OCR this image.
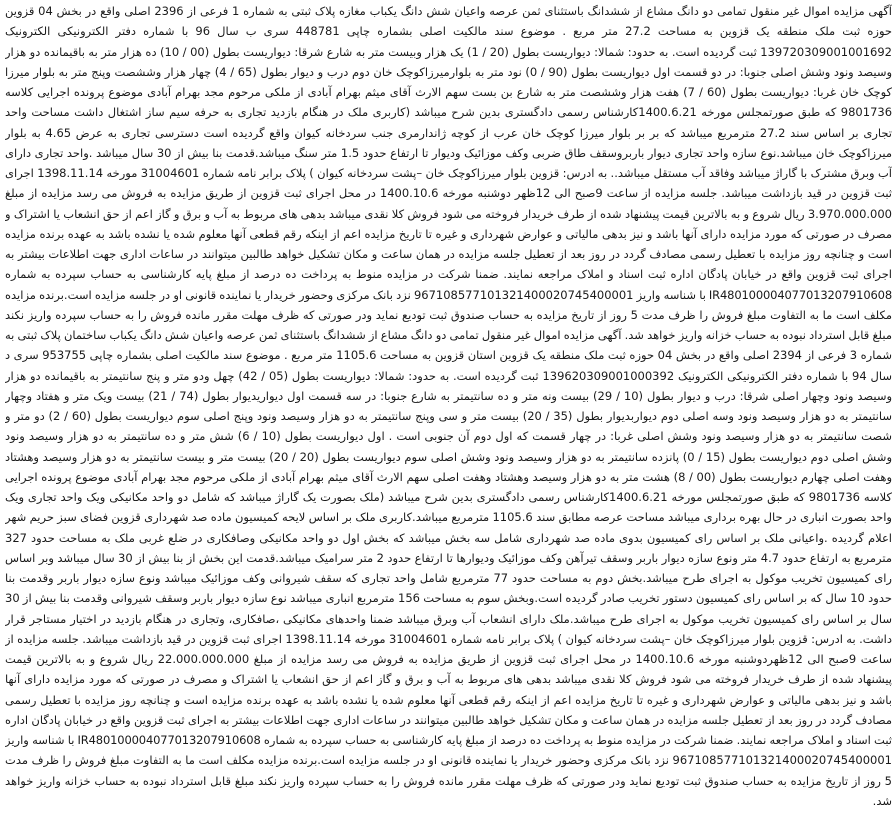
آگهی مزایده اموال غیر منقول تمامی دو دانگ مشاع از ششدانگ باستثنای ثمن عرصه واعیان شش دانگ یکباب مغازه پلاک ثبتی به شماره 1 فرعی از 2396 اصلی واقع در بخش 04 قزوین حوزه ثبت ملک منطقه یک قزوین به مساحت 27.2 متر مربع . موضوع سند مالکیت اصلی بشماره چاپی 448781 سری ب سال 96 با شماره دفتر الکترونیکی الکترونیک 139720309001001692 ثبت گردیده است. به حدود: شمالا: دیواریست بطول (20 / 1) یک هزار وبیست متر به شارع شرقا: دیواریست بطول (00 / 10) ده هزار متر به باقیمانده دو هزار وسیصد ونود وشش اصلی جنوبا: در دو قسمت اول دیواریست بطول (90 / 0) نود متر به بلوارمیرزاکوچک خان دوم درب و دیوار بطول (65 / 4) چهار هزار وششصت وپنج متر به بلوار میرزا کوچک خان غربا: دیواریست بطول (60 / 7) هفت هزار وششصت متر به شارع بن بست سهم الارث آقای میثم بهرام آبادی از ملکی مرحوم مجد بهرام آبادی موضوع پرونده اجرایی کلاسه 9801736 که طبق صورتمجلس مورخه 1400.6.21کارشناس رسمی دادگستری بدین شرح میباشد (کاربری ملک در هنگام بازدید تجاری به حرفه سیم ساز اشتغال داشت مساحت واحد تجاری بر اساس سند 27.2 مترمربع میباشد که بر بر بلوار میرزا کوچک خان عرب از کوچه ژاندارمری جنب سردخانه کیوان واقع گردیده است دسترسی تجاری به عرض 4.65 به بلوار میرزاکوچک خان میباشد.نوع سازه واحد تجاری دیوار باربروسقف طاق ضربی وکف موزائیک ودیوار تا ارتفاع حدود 1.5 متر سنگ میباشد.قدمت بنا بیش از 30 سال میباشد .واحد تجاری دارای آب وبرق مشترک با گاراژ میباشد وفاقد آب مستقل میباشد.. به ادرس: قزوین بلوار میرزاکوچک خان –پشت سردخانه کیوان ) پلاک برابر نامه شماره 31004601 مورخه 1398.11.14 اجرای ثبت قزوین در قید بازداشت میباشد. جلسه مزایده از ساعت 9صبح الی 12ظهر دوشنبه مورخه 1400.10.6 در محل اجرای ثبت قزوین از طریق مزایده به فروش می رسد مزایده از مبلغ 3.970.000.000 ریال شروع و به بالاترین قیمت پیشنهاد شده از طرف خریدار فروخته می شود فروش کلا نقدی میباشد بدهی های مربوط به آب و برق و گاز اعم از حق انشعاب یا اشتراک و مصرف در صورتی که مورد مزایده دارای آنها باشد و نیز بدهی مالیاتی و عوارض شهرداری و غیره تا تاریخ مزایده اعم از اینکه رقم قطعی آنها معلوم شده یا نشده باشد به عهده برنده مزایده است و چنانچه روز مزایده با تعطیل رسمی مصادف گردد در روز بعد از تعطیل جلسه مزایده در همان ساعت و مکان تشکیل خواهد طالبین میتوانند در ساعات اداری جهت اطلاعات بیشتر به اجرای ثبت قزوین واقع در خیابان پادگان اداره ثبت اسناد و املاک مراجعه نمایند. ضمنا شرکت در مزایده منوط به پرداخت ده درصد از مبلغ پایه کارشناسی به حساب سپرده به شماره IR480100004077013207910608 با شناسه واریز 967108577101321400020745400001 نزد بانک مرکزی وحضور خریدار یا نماینده قانونی او در جلسه مزایده است.برنده مزایده مکلف است ما به التفاوت مبلغ فروش را ظرف مدت 5 روز از تاریخ مزایده به حساب صندوق ثبت تودیع نماید ودر صورتی که ظرف مهلت مقرر مانده فروش را به حساب سپرده واریز نکند مبلغ قابل استرداد نبوده به حساب خزانه واریز خواهد شد. آگهی مزایده اموال غیر منقول تمامی دو دانگ مشاع از ششدانگ باستثنای ثمن عرصه واعیان شش دانگ یکباب ساختمان پلاک ثبتی به شماره 3 فرعی از 2394 اصلی واقع در بخش 04 حوزه ثبت ملک منطقه یک قزوین استان قزوین به مساحت 1105.6 متر مربع . موضوع سند مالکیت اصلی بشماره چاپی 953755 سری د سال 94 با شماره دفتر الکترونیکی الکترونیک 139620309001000392 ثبت گردیده است. به حدود: شمالا: دیواریست بطول (05 / 42) چهل ودو متر و پنج سانتیمتر به باقیمانده دو هزار وسیصد ونود وچهار اصلی شرقا: درب و دیوار بطول (10 / 29) بیست ونه متر و ده سانتیمتر به شارع جنوبا: در سه قسمت اول دیواریدیوار بطول (74 / 21) بیست ویک متر و هفتاد وچهار سانتیمتر به دو هزار وسیصد ونود وسه اصلی دوم دیواربدیوار بطول (35 / 20) بیست متر و سی وپنج سانتیمتر به دو هزار وسیصد ونود وپنج اصلی سوم دیواریست بطول (60 / 2) دو متر و شصت سانتیمتر به دو هزار وسیصد ونود وشش اصلی غربا: در چهار قسمت که اول دوم آن جنوبی است . اول دیواریست بطول (10 / 6) شش متر و ده سانتیمتر به دو هزار وسیصد ونود وشش اصلی دوم دیواریست بطول (15 / 0) پانزده سانتیمتر به دو هزار وسیصد ونود وشش اصلی سوم دیواریست بطول (20 / 20) بیست متر و بیست سانتیمتر به دو هزار وسیصد وهشتاد وهفت اصلی چهارم دیواریست بطول (00 / 8) هشت متر به دو هزار وسیصد وهشتاد وهفت اصلی سهم الارث آقای میثم بهرام آبادی از ملکی مرحوم مجد بهرام آبادی موضوع پرونده اجرایی کلاسه 9801736 که طبق صورتمجلس مورخه 1400.6.21کارشناس رسمی دادگستری بدین شرح میباشد (ملک بصورت یک گاراژ میباشد که شامل دو واحد مکانیکی ویک واحد تجاری ویک واحد بصورت انباری در حال بهره برداری میباشد مساحت عرصه مطابق سند 1105.6 مترمربع میباشد.کاربری ملک بر اساس لایحه کمیسیون ماده صد شهرداری قزوین فضای سبز حریم شهر اعلام گردیده .واعیانی ملک بر اساس رای کمیسیون بدوی ماده صد شهرداری شامل سه بخش میباشد که بخش اول دو واحد مکانیکی وصافکاری در ضلع غربی ملک به مساحت حدود 327 مترمربع به ارتفاع حدود 4.7 متر ونوع سازه دیوار باربر وسقف تیرآهن وکف موزائیک ودیوارها تا ارتفاع حدود 2 متر سرامیک میباشد.قدمت این بخش از بنا بیش از 30 سال میباشد وبر اساس رای کمیسیون تخریب موکول به اجرای طرح میباشد.بخش دوم به مساحت حدود 77 مترمربع شامل واحد تجاری که سقف شیروانی وکف موزائیک میباشد ونوع سازه دیوار باربر وقدمت بنا حدود 10 سال که بر اساس رای کمیسیون دستور تخریب صادر گردیده است.وبخش سوم به مساحت 156 مترمربع انباری میباشد نوع سازه دیوار باربر وسقف شیروانی وقدمت بنا بیش از 30 سال بر اساس رای کمیسیون تخریب موکول به اجرای طرح میباشد.ملک دارای انشعاب آب وبرق میباشد ضمنا واحدهای مکانیکی ،صافکاری، وتجاری در هنگام بازدید در اختیار مستاجر قرار داشت. به ادرس: قزوین بلوار میرزاکوچک خان –پشت سردخانه کیوان ) پلاک برابر نامه شماره 31004601 مورخه 1398.11.14 اجرای ثبت قزوین در قید بازداشت میباشد. جلسه مزایده از ساعت 9صبح الی 12ظهردوشنبه مورخه 1400.10.6 در محل اجرای ثبت قزوین از طریق مزایده به فروش می رسد مزایده از مبلغ 22.000.000.000 ریال شروع و به بالاترین قیمت پیشنهاد شده از طرف خریدار فروخته می شود فروش کلا نقدی میباشد بدهی های مربوط به آب و برق و گاز اعم از حق انشعاب یا اشتراک و مصرف در صورتی که مورد مزایده دارای آنها باشد و نیز بدهی مالیاتی و عوارض شهرداری و غیره تا تاریخ مزایده اعم از اینکه رقم قطعی آنها معلوم شده یا نشده باشد به عهده برنده مزایده است و چنانچه روز مزایده با تعطیل رسمی مصادف گردد در روز بعد از تعطیل جلسه مزایده در همان ساعت و مکان تشکیل خواهد طالبین میتوانند در ساعات اداری جهت اطلاعات بیشتر به اجرای ثبت قزوین واقع در خیابان پادگان اداره ثبت اسناد و املاک مراجعه نمایند. ضمنا شرکت در مزایده منوط به پرداخت ده درصد از مبلغ پایه کارشناسی به حساب سپرده به شماره IR480100004077013207910608 با شناسه واریز 967108577101321400020745400001 نزد بانک مرکزی وحضور خریدار یا نماینده قانونی او در جلسه مزایده است.برنده مزایده مکلف است ما به التفاوت مبلغ فروش را ظرف مدت 5 روز از تاریخ مزایده به حساب صندوق ثبت تودیع نماید ودر صورتی که ظرف مهلت مقرر مانده فروش را به حساب سپرده واریز نکند مبلغ قابل استرداد نبوده به حساب خزانه واریز خواهد شد.
